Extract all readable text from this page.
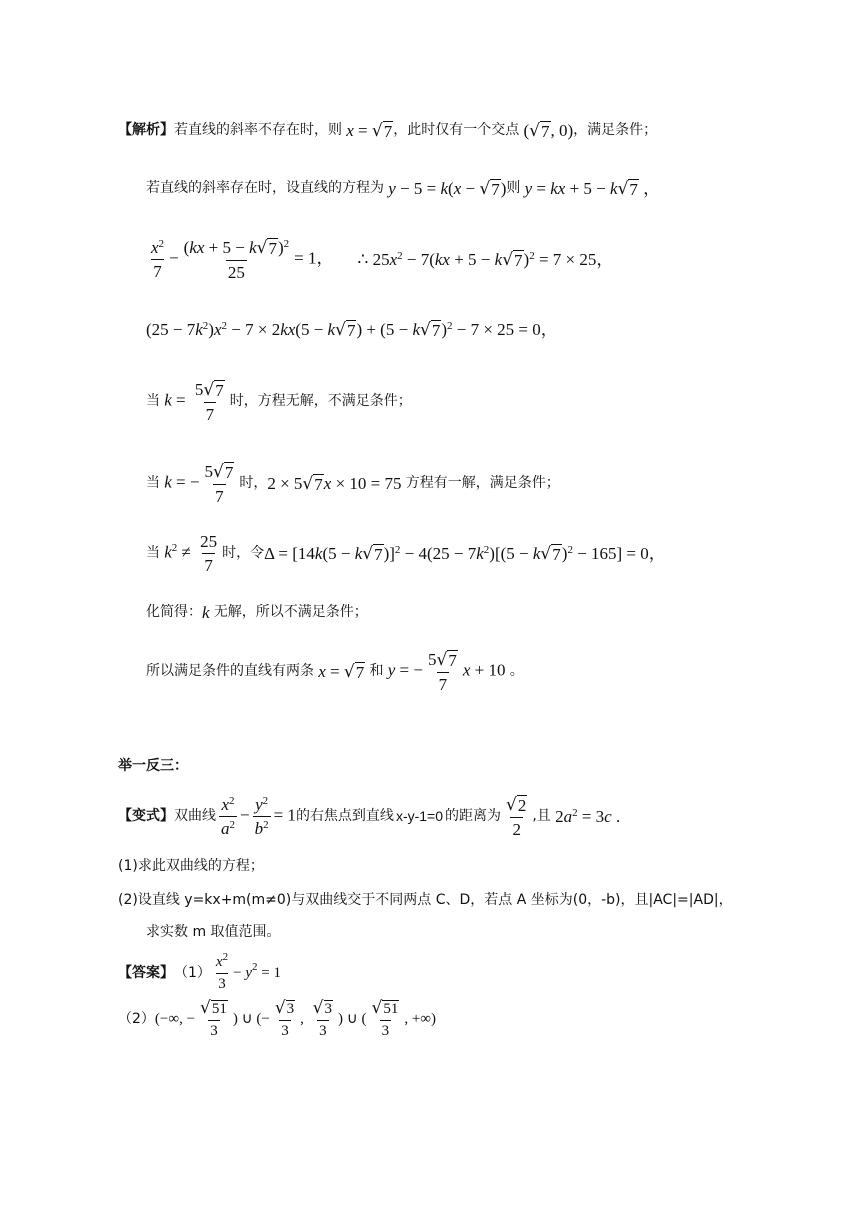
【解析】 若直线的斜率不存在时，则 x = √ 7 ，此时仅有一个交点 ( √ 7 , 0) ，满足条件；
若直线的斜率存在时，设直线的方程为 y − 5 = k(x − √ 7 ) 则 y = kx + 5 − k √ 7 ，
$\frac{x^2}{7} - \frac{(kx + 5 - k √ 7 )^2}{25} = 1$， ∴ $25x^2 - 7(kx + 5 - k$ √ 7 )$^2$ = 7 × 25，
$(25 - 7k^2)x^2 - 7 \times 2kx(5 - k$ √ 7 ) + (5 − k √ 7 )$^2$ − 7 × 25 = 0，
当 $k = \frac{5 √ 7}{7}$ 时，方程无解，不满足条件；
当 k = − $\frac{5 √ 7}{7}$ 时， 2 × 5 √ 7 x × 10 = 75 方程有一解，满足条件；
当 $k^2 \ne \frac{25}{7}$ 时，令 Δ = [14k(5 − k √ 7 )]$^2 - 4(25 - 7k^2)[(5 - k$ √ 7 )$^2$ − 165] = 0，
化简得： k 无解，所以不满足条件；
所以满足条件的直线有两条 x = √ 7
和 y = − $\frac{5 √ 7}{7}$ x + 10 。
举一反三：
【变式】 双曲线 $\frac{x^2}{a^2} - \frac{y^2}{b^2} = 1$ 的右焦点到直线 x-y-1=0 的距离为 $\frac{√ 2}{2}$ ,且 $2a^2 = 3c$ .
(1)求此双曲线的方程；
(2)设直线 y=kx+m(m≠0)与双曲线交于不同两点 C、D，若点 A 坐标为(0，-b)，且|AC|=|AD|，
求实数 m 取值范围。
【答案】 $(1) \frac{x^2}{3} - y^2 = 1$
（2） (−∞, − $\frac{√ 51}{3}$ ) ∪ (− $\frac{√ 3}{3}$ , $\frac{√ 3}{3}$ ) ∪ ( $\frac{√ 51}{3}$ , +∞)
